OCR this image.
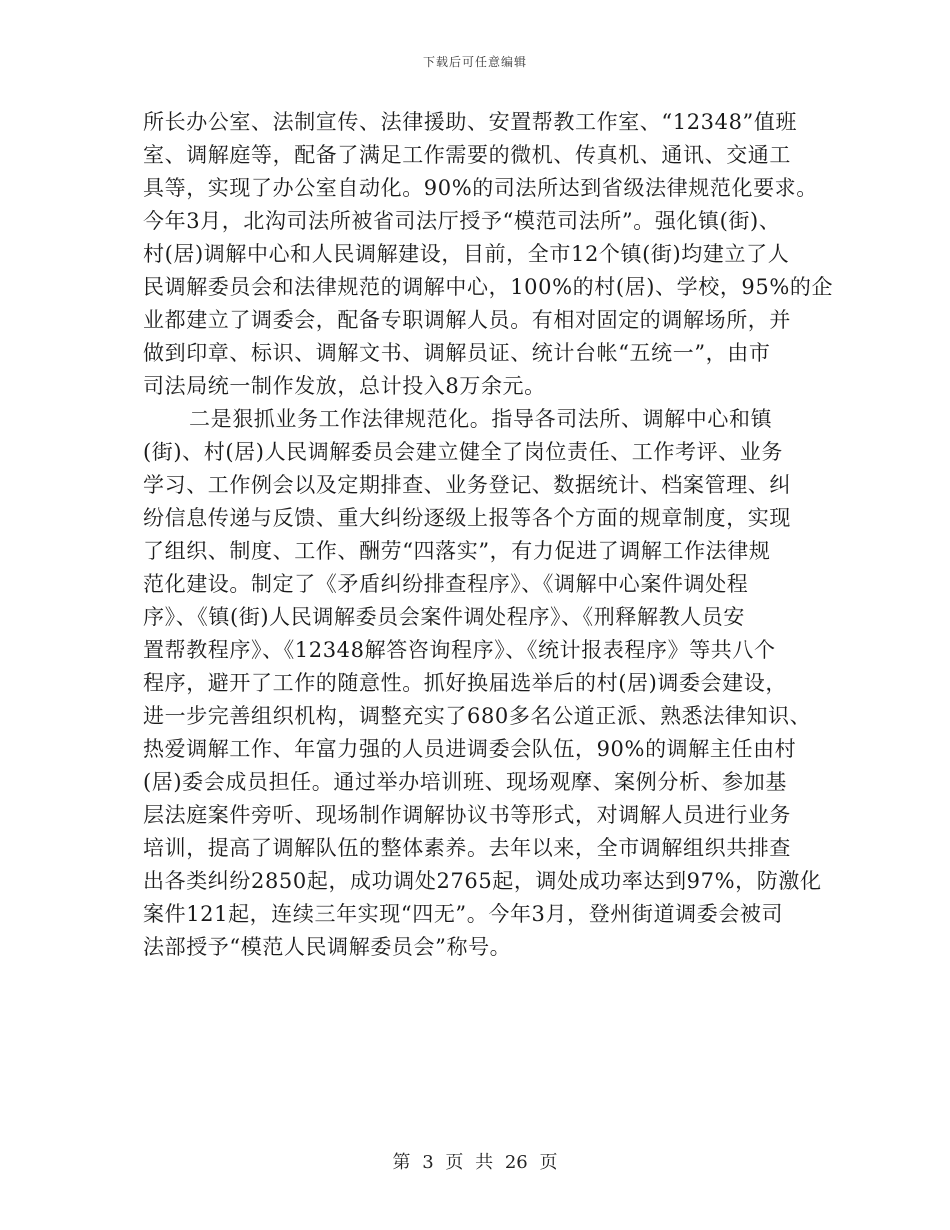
下载后可任意编辑
所长办公室、法制宣传、法律援助、安置帮教工作室、“12348”值班
室、调解庭等，配备了满足工作需要的微机、传真机、通讯、交通工
具等，实现了办公室自动化。90%的司法所达到省级法律规范化要求。
今年3月，北沟司法所被省司法厅授予“模范司法所”。强化镇(街)、
村(居)调解中心和人民调解建设，目前，全市12个镇(街)均建立了人
民调解委员会和法律规范的调解中心，100%的村(居)、学校，95%的企
业都建立了调委会，配备专职调解人员。有相对固定的调解场所，并
做到印章、标识、调解文书、调解员证、统计台帐“五统一”，由市
司法局统一制作发放，总计投入8万余元。
二是狠抓业务工作法律规范化。指导各司法所、调解中心和镇
(街)、村(居)人民调解委员会建立健全了岗位责任、工作考评、业务
学习、工作例会以及定期排查、业务登记、数据统计、档案管理、纠
纷信息传递与反馈、重大纠纷逐级上报等各个方面的规章制度，实现
了组织、制度、工作、酬劳“四落实”，有力促进了调解工作法律规
范化建设。制定了《矛盾纠纷排查程序》、《调解中心案件调处程
序》、《镇(街)人民调解委员会案件调处程序》、《刑释解教人员安
置帮教程序》、《12348解答咨询程序》、《统计报表程序》等共八个
程序，避开了工作的随意性。抓好换届选举后的村(居)调委会建设，
进一步完善组织机构，调整充实了680多名公道正派、熟悉法律知识、
热爱调解工作、年富力强的人员进调委会队伍，90%的调解主任由村
(居)委会成员担任。通过举办培训班、现场观摩、案例分析、参加基
层法庭案件旁听、现场制作调解协议书等形式，对调解人员进行业务
培训，提高了调解队伍的整体素养。去年以来，全市调解组织共排查
出各类纠纷2850起，成功调处2765起，调处成功率达到97%，防激化
案件121起，连续三年实现“四无”。今年3月，登州街道调委会被司
法部授予“模范人民调解委员会”称号。
第 3 页 共 26 页
